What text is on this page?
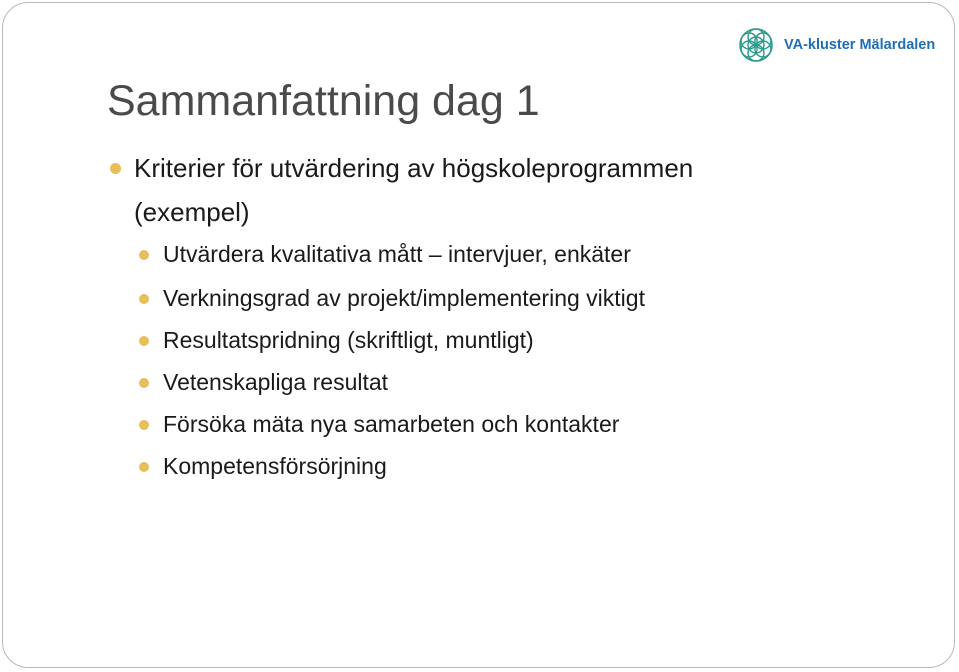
VA-kluster Mälardalen
Sammanfattning dag 1
Kriterier för utvärdering av högskoleprogrammen
(exempel)
Utvärdera kvalitativa mått – intervjuer, enkäter
Verkningsgrad av projekt/implementering viktigt
Resultatspridning (skriftligt, muntligt)
Vetenskapliga resultat
Försöka mäta nya samarbeten och kontakter
Kompetensförsörjning
